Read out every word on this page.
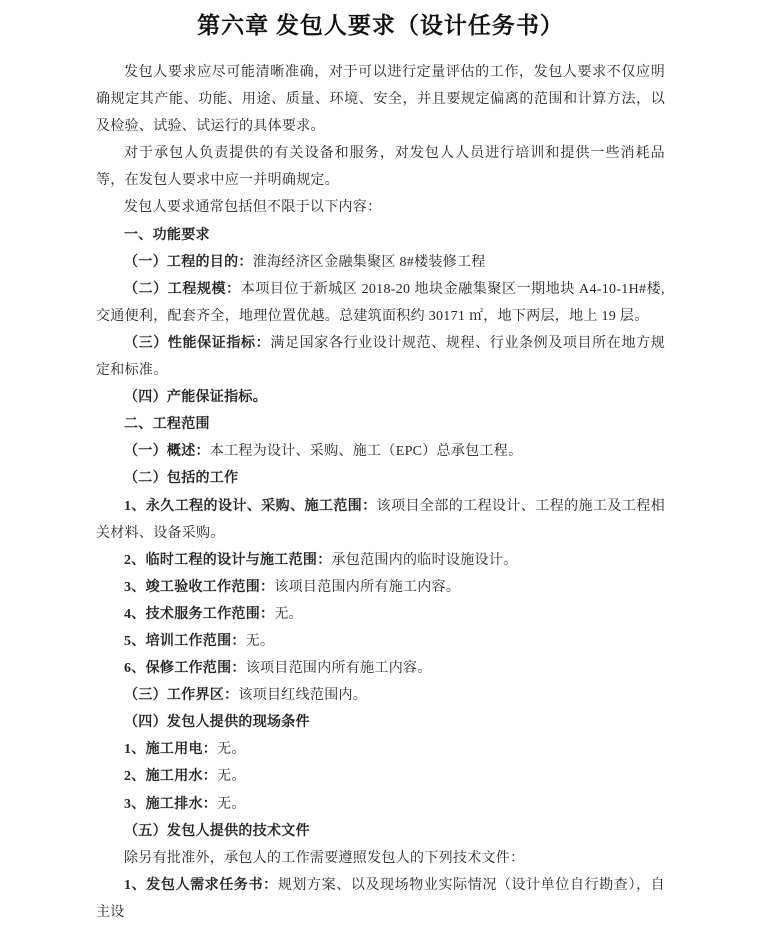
第六章 发包人要求（设计任务书）

发包人要求应尽可能清晰准确，对于可以进行定量评估的工作，发包人要求不仅应明确规定其产能、功能、用途、质量、环境、安全，并且要规定偏离的范围和计算方法，以及检验、试验、试运行的具体要求。

对于承包人负责提供的有关设备和服务，对发包人人员进行培训和提供一些消耗品等，在发包人要求中应一并明确规定。

发包人要求通常包括但不限于以下内容：

一、功能要求

（一）工程的目的：淮海经济区金融集聚区 8#楼装修工程

（二）工程规模：本项目位于新城区 2018-20 地块金融集聚区一期地块 A4-10-1H#楼, 交通便利，配套齐全，地理位置优越。总建筑面积约 30171 ㎡，地下两层，地上 19 层。

（三）性能保证指标：满足国家各行业设计规范、规程、行业条例及项目所在地方规定和标准。

（四）产能保证指标。

二、工程范围

（一）概述：本工程为设计、采购、施工（EPC）总承包工程。

（二）包括的工作

1、永久工程的设计、采购、施工范围：该项目全部的工程设计、工程的施工及工程相关材料、设备采购。

2、临时工程的设计与施工范围：承包范围内的临时设施设计。

3、竣工验收工作范围：该项目范围内所有施工内容。

4、技术服务工作范围：无。

5、培训工作范围：无。

6、保修工作范围：该项目范围内所有施工内容。

（三）工作界区：该项目红线范围内。

（四）发包人提供的现场条件

1、施工用电：无。

2、施工用水：无。

3、施工排水：无。

（五）发包人提供的技术文件

除另有批准外，承包人的工作需要遵照发包人的下列技术文件：

1、发包人需求任务书：规划方案、以及现场物业实际情况（设计单位自行勘查），自主设
